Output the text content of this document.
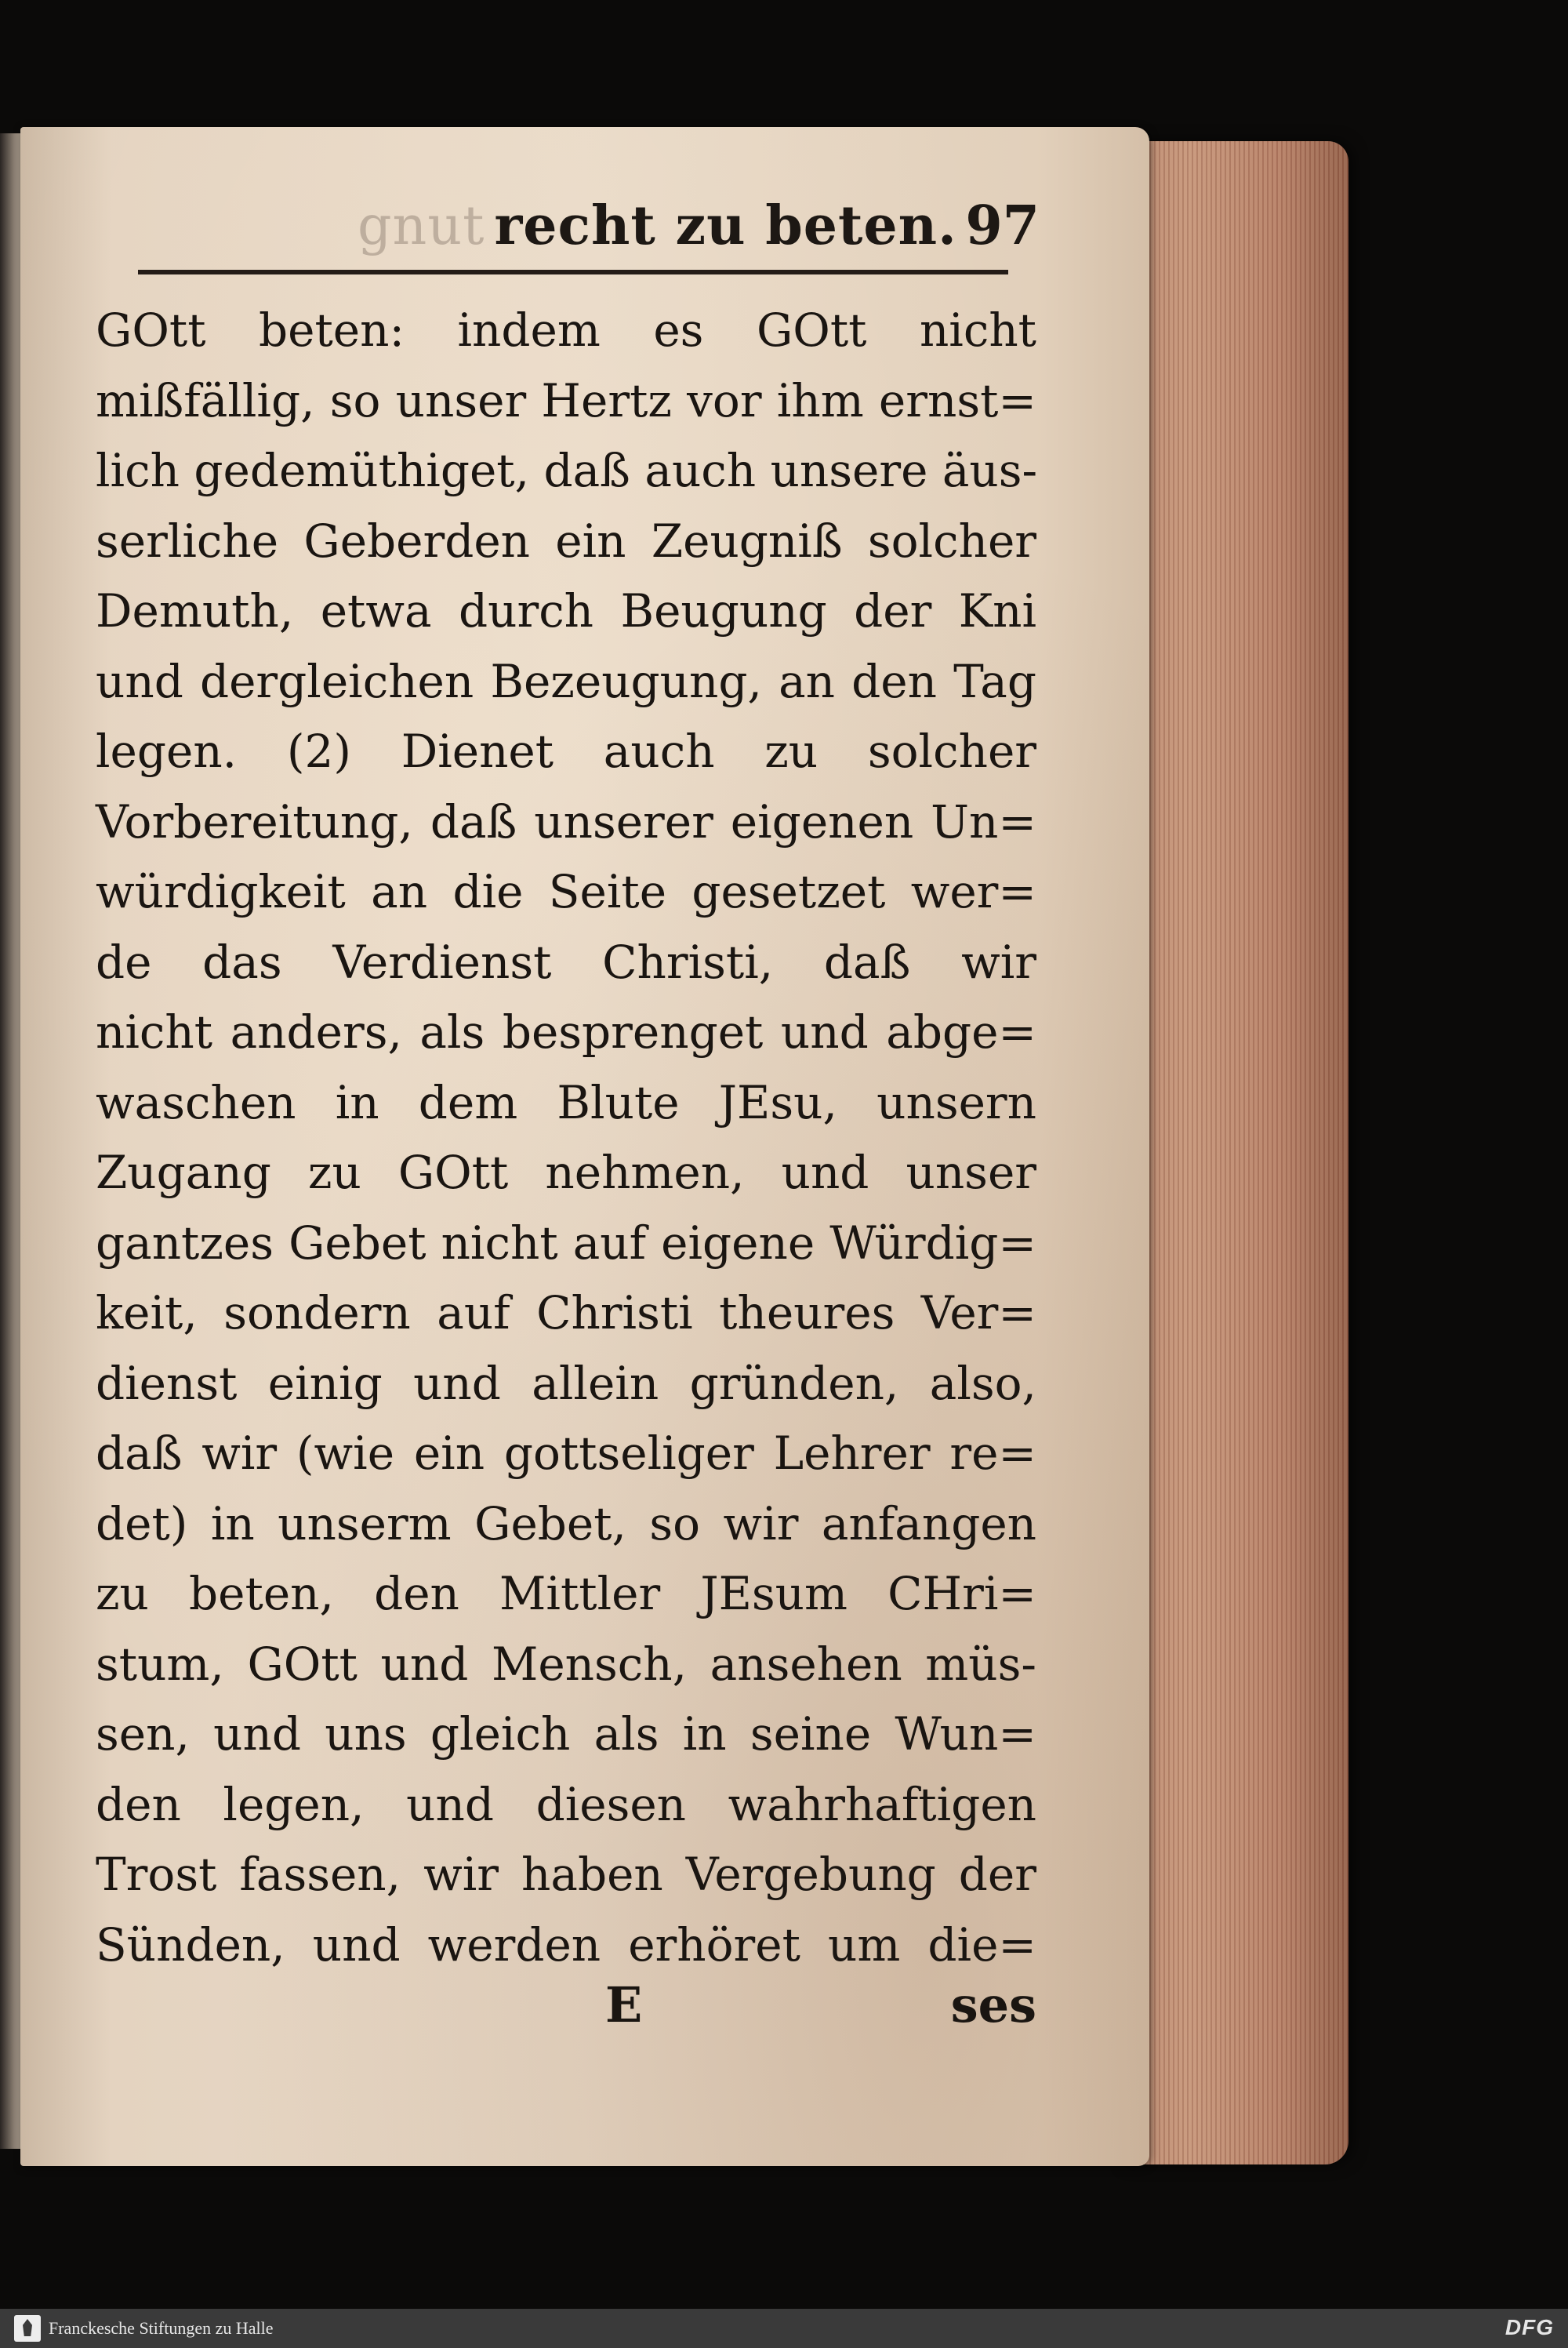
gnut recht zu beten. 97
GOtt beten: indem es GOtt nicht
mißfällig, so unser Hertz vor ihm ernst=
lich gedemüthiget, daß auch unsere äus-
serliche Geberden ein Zeugniß solcher
Demuth, etwa durch Beugung der Kni
und dergleichen Bezeugung, an den Tag
legen. (2) Dienet auch zu solcher
Vorbereitung, daß unserer eigenen Un=
würdigkeit an die Seite gesetzet wer=
de das Verdienst Christi, daß wir
nicht anders, als besprenget und abge=
waschen in dem Blute JEsu, unsern
Zugang zu GOtt nehmen, und unser
gantzes Gebet nicht auf eigene Würdig=
keit, sondern auf Christi theures Ver=
dienst einig und allein gründen, also,
daß wir (wie ein gottseliger Lehrer re=
det) in unserm Gebet, so wir anfangen
zu beten, den Mittler JEsum CHri=
stum, GOtt und Mensch, ansehen müs-
sen, und uns gleich als in seine Wun=
den legen, und diesen wahrhaftigen
Trost fassen, wir haben Vergebung der
Sünden, und werden erhöret um die=
E	ses
Franckesche Stiftungen zu Halle	DFG
